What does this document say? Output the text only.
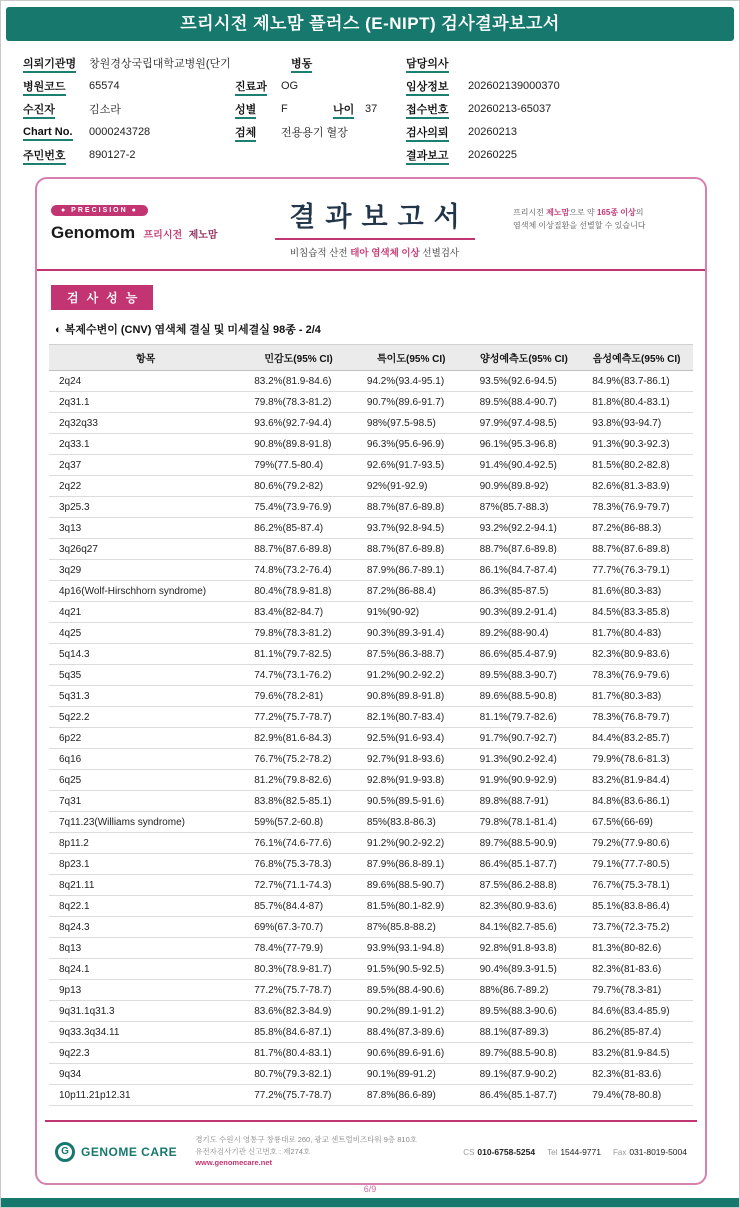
프리시전 제노맘 플러스 (E-NIPT) 검사결과보고서
의뢰기관명	창원경상국립대학교병원(단기
병원코드	65574
수진자	김소라
Chart No.	0000243728
주민번호	890127-2
병동
진료과	OG
성별	F	나이 37
검체	전용용기 혈장
담당의사
임상정보	202602139000370
접수번호	20260213-65037
검사의뢰	20260213
결과보고	20260225
● PRECISION ●
Genomom 프리시전 제노맘
결과보고서
비침습적 산전 태아 염색체 이상 선별검사
프리시전 제노맘으로 약 165종 이상의
염색체 이상질환을 선별할 수 있습니다
검사성능
◐ 복제수변이 (CNV) 염색체 결실 및 미세결실 98종 - 2/4
항목	민감도(95% CI)	특이도(95% CI)	양성예측도(95% CI)	음성예측도(95% CI)
2q24	83.2%(81.9-84.6)	94.2%(93.4-95.1)	93.5%(92.6-94.5)	84.9%(83.7-86.1)
2q31.1	79.8%(78.3-81.2)	90.7%(89.6-91.7)	89.5%(88.4-90.7)	81.8%(80.4-83.1)
2q32q33	93.6%(92.7-94.4)	98%(97.5-98.5)	97.9%(97.4-98.5)	93.8%(93-94.7)
2q33.1	90.8%(89.8-91.8)	96.3%(95.6-96.9)	96.1%(95.3-96.8)	91.3%(90.3-92.3)
2q37	79%(77.5-80.4)	92.6%(91.7-93.5)	91.4%(90.4-92.5)	81.5%(80.2-82.8)
2q22	80.6%(79.2-82)	92%(91-92.9)	90.9%(89.8-92)	82.6%(81.3-83.9)
3p25.3	75.4%(73.9-76.9)	88.7%(87.6-89.8)	87%(85.7-88.3)	78.3%(76.9-79.7)
3q13	86.2%(85-87.4)	93.7%(92.8-94.5)	93.2%(92.2-94.1)	87.2%(86-88.3)
3q26q27	88.7%(87.6-89.8)	88.7%(87.6-89.8)	88.7%(87.6-89.8)	88.7%(87.6-89.8)
3q29	74.8%(73.2-76.4)	87.9%(86.7-89.1)	86.1%(84.7-87.4)	77.7%(76.3-79.1)
4p16(Wolf-Hirschhorn syndrome)	80.4%(78.9-81.8)	87.2%(86-88.4)	86.3%(85-87.5)	81.6%(80.3-83)
4q21	83.4%(82-84.7)	91%(90-92)	90.3%(89.2-91.4)	84.5%(83.3-85.8)
4q25	79.8%(78.3-81.2)	90.3%(89.3-91.4)	89.2%(88-90.4)	81.7%(80.4-83)
5q14.3	81.1%(79.7-82.5)	87.5%(86.3-88.7)	86.6%(85.4-87.9)	82.3%(80.9-83.6)
5q35	74.7%(73.1-76.2)	91.2%(90.2-92.2)	89.5%(88.3-90.7)	78.3%(76.9-79.6)
5q31.3	79.6%(78.2-81)	90.8%(89.8-91.8)	89.6%(88.5-90.8)	81.7%(80.3-83)
5q22.2	77.2%(75.7-78.7)	82.1%(80.7-83.4)	81.1%(79.7-82.6)	78.3%(76.8-79.7)
6p22	82.9%(81.6-84.3)	92.5%(91.6-93.4)	91.7%(90.7-92.7)	84.4%(83.2-85.7)
6q16	76.7%(75.2-78.2)	92.7%(91.8-93.6)	91.3%(90.2-92.4)	79.9%(78.6-81.3)
6q25	81.2%(79.8-82.6)	92.8%(91.9-93.8)	91.9%(90.9-92.9)	83.2%(81.9-84.4)
7q31	83.8%(82.5-85.1)	90.5%(89.5-91.6)	89.8%(88.7-91)	84.8%(83.6-86.1)
7q11.23(Williams syndrome)	59%(57.2-60.8)	85%(83.8-86.3)	79.8%(78.1-81.4)	67.5%(66-69)
8p11.2	76.1%(74.6-77.6)	91.2%(90.2-92.2)	89.7%(88.5-90.9)	79.2%(77.9-80.6)
8p23.1	76.8%(75.3-78.3)	87.9%(86.8-89.1)	86.4%(85.1-87.7)	79.1%(77.7-80.5)
8q21.11	72.7%(71.1-74.3)	89.6%(88.5-90.7)	87.5%(86.2-88.8)	76.7%(75.3-78.1)
8q22.1	85.7%(84.4-87)	81.5%(80.1-82.9)	82.3%(80.9-83.6)	85.1%(83.8-86.4)
8q24.3	69%(67.3-70.7)	87%(85.8-88.2)	84.1%(82.7-85.6)	73.7%(72.3-75.2)
8q13	78.4%(77-79.9)	93.9%(93.1-94.8)	92.8%(91.8-93.8)	81.3%(80-82.6)
8q24.1	80.3%(78.9-81.7)	91.5%(90.5-92.5)	90.4%(89.3-91.5)	82.3%(81-83.6)
9p13	77.2%(75.7-78.7)	89.5%(88.4-90.6)	88%(86.7-89.2)	79.7%(78.3-81)
9q31.1q31.3	83.6%(82.3-84.9)	90.2%(89.1-91.2)	89.5%(88.3-90.6)	84.6%(83.4-85.9)
9q33.3q34.11	85.8%(84.6-87.1)	88.4%(87.3-89.6)	88.1%(87-89.3)	86.2%(85-87.4)
9q22.3	81.7%(80.4-83.1)	90.6%(89.6-91.6)	89.7%(88.5-90.8)	83.2%(81.9-84.5)
9q34	80.7%(79.3-82.1)	90.1%(89-91.2)	89.1%(87.9-90.2)	82.3%(81-83.6)
10p11.21p12.31	77.2%(75.7-78.7)	87.8%(86.6-89)	86.4%(85.1-87.7)	79.4%(78-80.8)
G	GENOME CARE
경기도 수원시 영통구 창룡대로 260, 광교 센트럴비즈타워 9층 810호
유전자검사기관 신고번호 : 제274호
www.genomecare.net
CS 010-6758-5254 Tel 1544-9771 Fax 031-8019-5004
6/9
